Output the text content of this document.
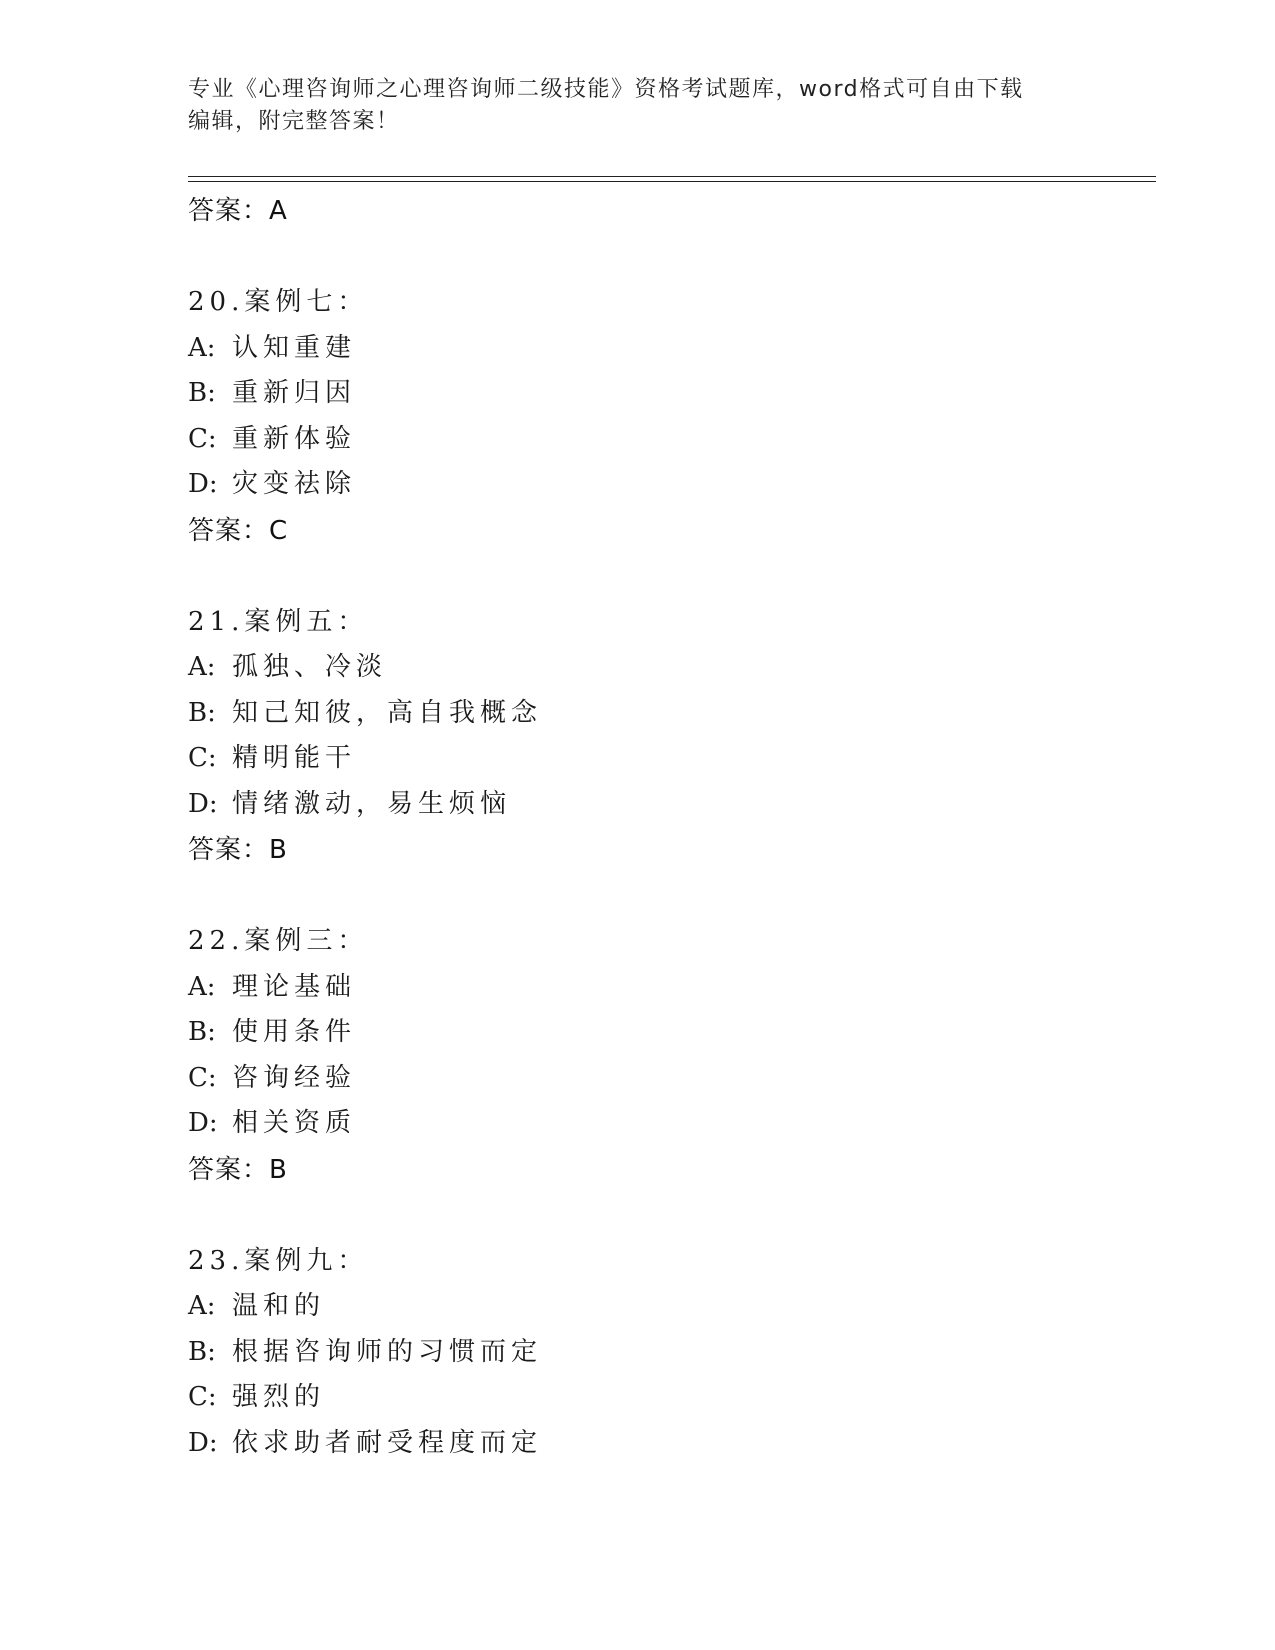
专业《心理咨询师之心理咨询师二级技能》资格考试题库，word格式可自由下载
编辑，附完整答案！
答案：A
20.案例七：
A: 认知重建
B: 重新归因
C: 重新体验
D: 灾变祛除
答案：C
21.案例五：
A: 孤独、冷淡
B: 知己知彼，高自我概念
C: 精明能干
D: 情绪激动，易生烦恼
答案：B
22.案例三：
A: 理论基础
B: 使用条件
C: 咨询经验
D: 相关资质
答案：B
23.案例九：
A: 温和的
B: 根据咨询师的习惯而定
C: 强烈的
D: 依求助者耐受程度而定
